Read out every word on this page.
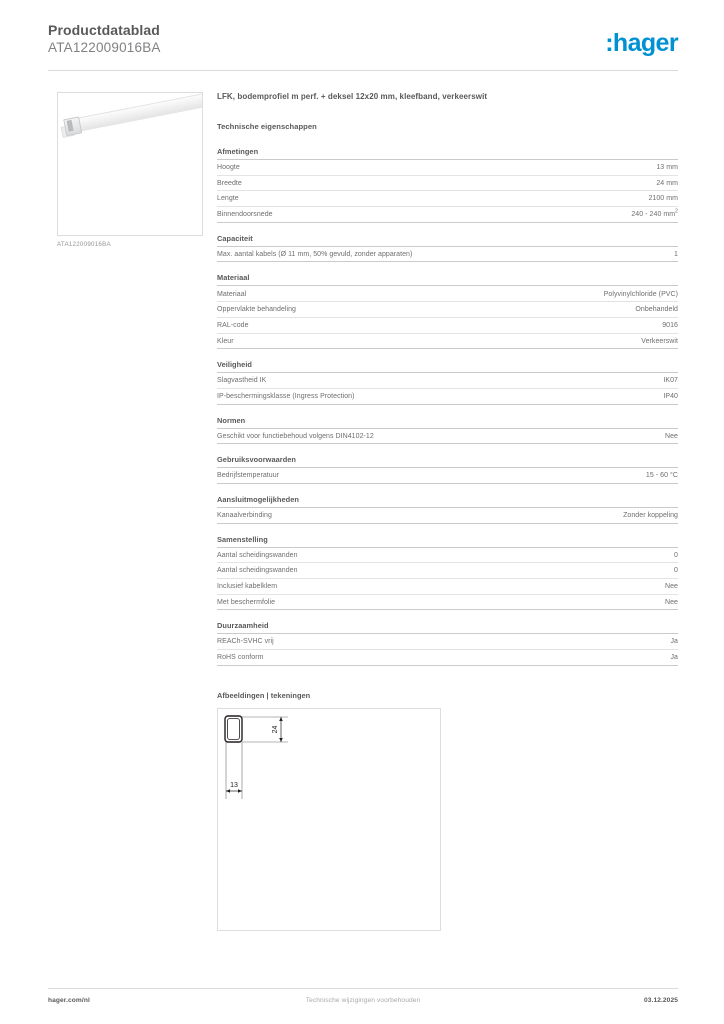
Productdatablad
ATA122009016BA	:hager
ATA122009016BA
LFK, bodemprofiel m perf. + deksel 12x20 mm, kleefband, verkeerswit
Technische eigenschappen
Afmetingen
Hoogte	13 mm
Breedte	24 mm
Lengte	2100 mm
Binnendoorsnede	240 - 240 $mm^2$
Capaciteit
Max. aantal kabels (Ø 11 mm, 50% gevuld, zonder apparaten)	1
Materiaal
Materiaal	Polyvinylchloride (PVC)
Oppervlakte behandeling	Onbehandeld
RAL-code	9016
Kleur	Verkeerswit
Veiligheid
Slagvastheid IK	IK07
IP-beschermingsklasse (Ingress Protection)	IP40
Normen
Geschikt voor functiebehoud volgens DIN4102-12	Nee
Gebruiksvoorwaarden
Bedrijfstemperatuur	15 - 60 °C
Aansluitmogelijkheden
Kanaalverbinding	Zonder koppeling
Samenstelling
Aantal scheidingswanden	0
Aantal scheidingswanden	0
Inclusief kabelklem	Nee
Met beschermfolie	Nee
Duurzaamheid
REACh-SVHC vrij	Ja
RoHS conform	Ja
Afbeeldingen | tekeningen
24
13
hager.com/nl	Technische wijzigingen voorbehouden	03.12.2025
